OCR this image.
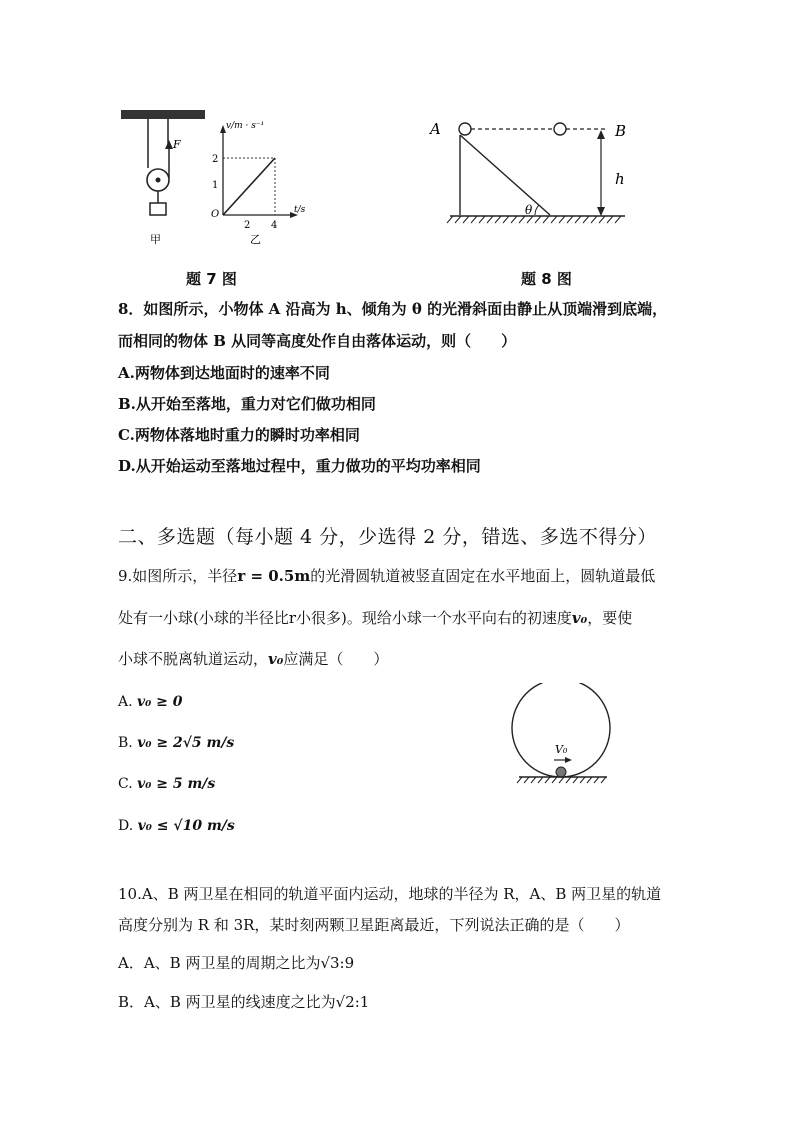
F
甲
v/m · s⁻¹
t/s
O
1
2
2 4
乙
题 7 图
A	B
h
θ
题 8 图
8．如图所示，小物体 A 沿高为 h、倾角为 θ 的光滑斜面由静止从顶端滑到底端，
而相同的物体 B 从同等高度处作自由落体运动，则（　　）
A.两物体到达地面时的速率不同
B.从开始至落地，重力对它们做功相同
C.两物体落地时重力的瞬时功率相同
D.从开始运动至落地过程中，重力做功的平均功率相同
二、多选题（每小题 4 分，少选得 2 分，错选、多选不得分）
9.如图所示，半径r = 0.5m的光滑圆轨道被竖直固定在水平地面上，圆轨道最低
处有一小球(小球的半径比r小很多)。现给小球一个水平向右的初速度v₀，要使
小球不脱离轨道运动，v₀应满足（　　）
A. v₀ ≥ 0
B. v₀ ≥ 2√5 m/s
C. v₀ ≥ 5 m/s
D. v₀ ≤ √10 m/s
V₀
10.A、B 两卫星在相同的轨道平面内运动，地球的半径为 R，A、B 两卫星的轨道
高度分别为 R 和 3R，某时刻两颗卫星距离最近，下列说法正确的是（　　）
A．A、B 两卫星的周期之比为√3:9
B．A、B 两卫星的线速度之比为√2:1
